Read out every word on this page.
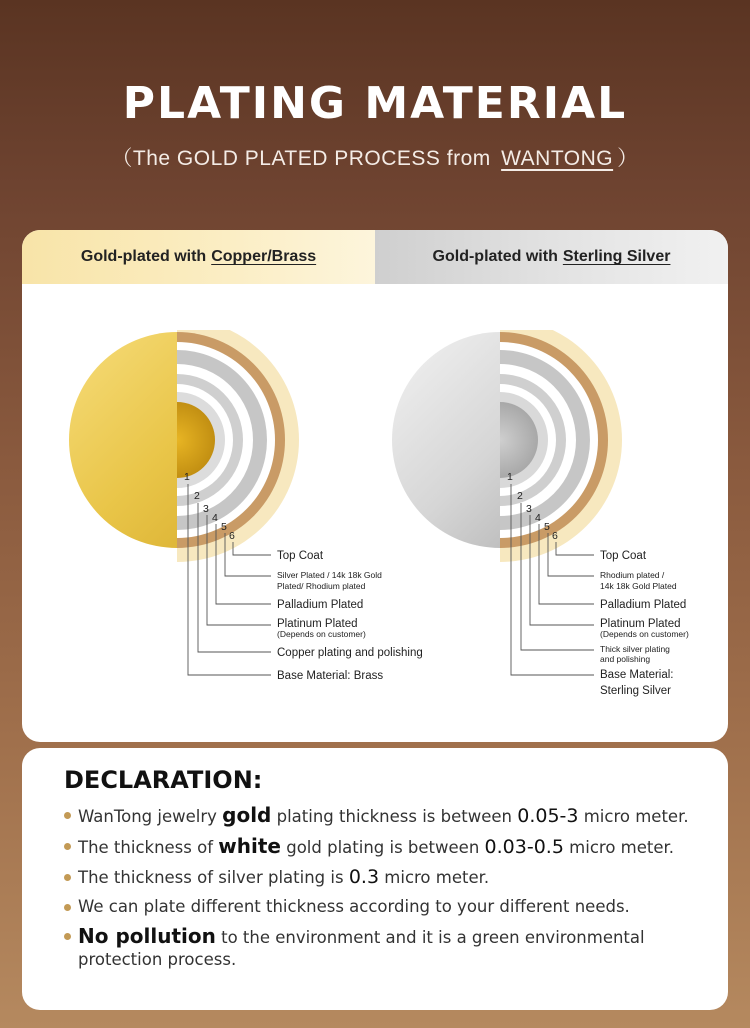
PLATING MATERIAL
（The GOLD PLATED PROCESS from WANTONG ）
Gold-plated with Copper/Brass	Gold-plated with Sterling Silver
1
2
3
4
5
6
Top Coat
Silver Plated / 14k 18k Gold
Plated/ Rhodium plated
Palladium Plated
Platinum Plated
(Depends on customer)
Copper plating and polishing
Base Material: Brass
1
2
3
4
5
6
Top Coat
Rhodium plated /
14k 18k Gold Plated
Palladium Plated
Platinum Plated
(Depends on customer)
Thick silver plating
and polishing
Base Material:
Sterling Silver
DECLARATION:
WanTong jewelry gold plating thickness is between 0.05-3 micro meter.
The thickness of white gold plating is between 0.03-0.5 micro meter.
The thickness of silver plating is 0.3 micro meter.
We can plate different thickness according to your different needs.
No pollution to the environment and it is a green environmental protection process.
